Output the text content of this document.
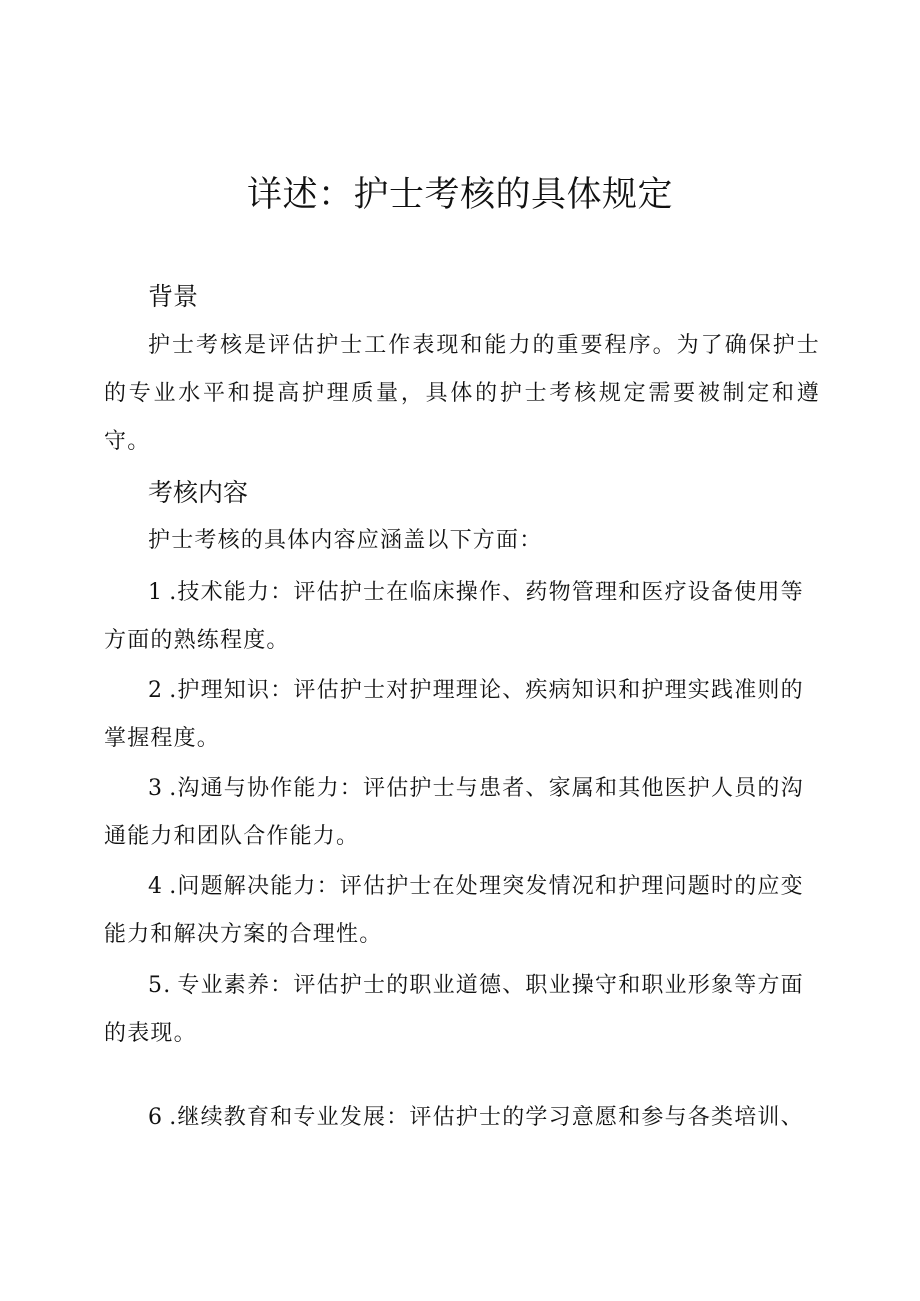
详述：护士考核的具体规定
背景

护士考核是评估护士工作表现和能力的重要程序。为了确保护士的专业水平和提高护理质量，具体的护士考核规定需要被制定和遵守。

考核内容

护士考核的具体内容应涵盖以下方面：

1 .技术能力：评估护士在临床操作、药物管理和医疗设备使用等方面的熟练程度。

2 .护理知识：评估护士对护理理论、疾病知识和护理实践准则的掌握程度。

3 .沟通与协作能力：评估护士与患者、家属和其他医护人员的沟通能力和团队合作能力。

4 .问题解决能力：评估护士在处理突发情况和护理问题时的应变能力和解决方案的合理性。

5. 专业素养：评估护士的职业道德、职业操守和职业形象等方面的表现。

6 .继续教育和专业发展：评估护士的学习意愿和参与各类培训、
